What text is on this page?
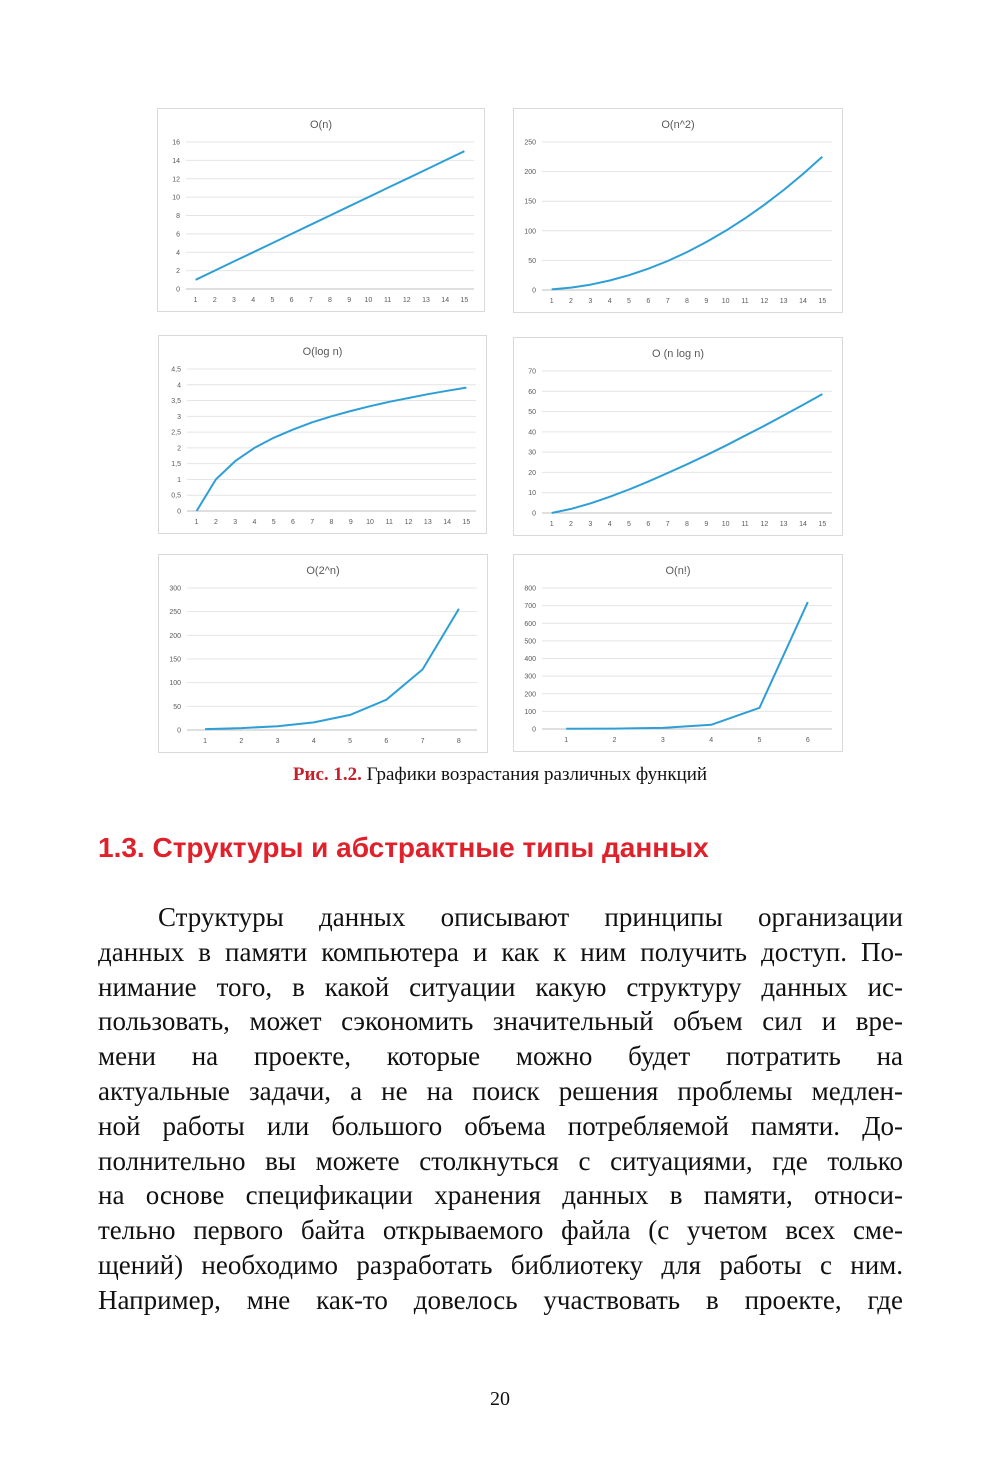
O(n)
0
2
4
6
8
10
12
14
16
1 2 3 4 5 6 7 8 9 10 11 12 13 14 15
O(n^2)
0
50
100
150
200
250
1 2 3 4 5 6 7 8 9 10 11 12 13 14 15
O(log n)
0
0,5
1
1,5
2
2,5
3
3,5
4
4,5
1 2 3 4 5 6 7 8 9 10 11 12 13 14 15
O (n log n)
0
10
20
30
40
50
60
70
1 2 3 4 5 6 7 8 9 10 11 12 13 14 15
O(2^n)
0
50
100
150
200
250
300
1	2	3	4	5	6	7	8
O(n!)
0
100
200
300
400
500
600
700
800
1	2	3	4	5	6
Рис. 1.2. Графики возрастания различных функций
1.3. Структуры и абстрактные типы данных
Структуры данных описывают принципы организации
данных в памяти компьютера и как к ним получить доступ. По-
нимание того, в какой ситуации какую структуру данных ис-
пользовать, может сэкономить значительный объем сил и вре-
мени на проекте, которые можно будет потратить на
актуальные задачи, а не на поиск решения проблемы медлен-
ной работы или большого объема потребляемой памяти. До-
полнительно вы можете столкнуться с ситуациями, где только
на основе спецификации хранения данных в памяти, относи-
тельно первого байта открываемого файла (с учетом всех сме-
щений) необходимо разработать библиотеку для работы с ним.
Например, мне как-то довелось участвовать в проекте, где
20
